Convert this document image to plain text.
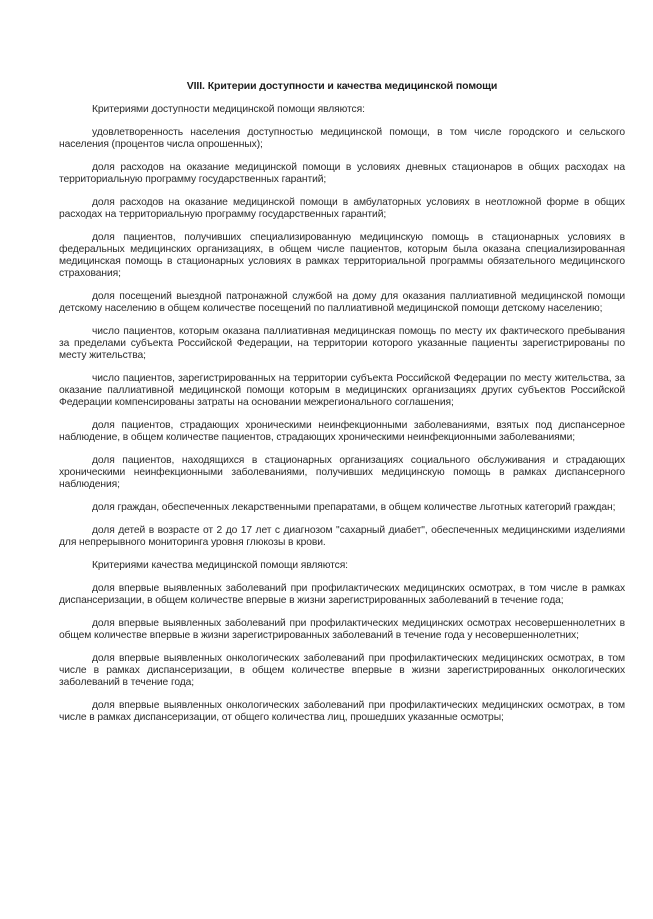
VIII. Критерии доступности и качества медицинской помощи

Критериями доступности медицинской помощи являются:

удовлетворенность населения доступностью медицинской помощи, в том числе городского и сельского населения (процентов числа опрошенных);

доля расходов на оказание медицинской помощи в условиях дневных стационаров в общих расходах на территориальную программу государственных гарантий;

доля расходов на оказание медицинской помощи в амбулаторных условиях в неотложной форме в общих расходах на территориальную программу государственных гарантий;

доля пациентов, получивших специализированную медицинскую помощь в стационарных условиях в федеральных медицинских организациях, в общем числе пациентов, которым была оказана специализированная медицинская помощь в стационарных условиях в рамках территориальной программы обязательного медицинского страхования;

доля посещений выездной патронажной службой на дому для оказания паллиативной медицинской помощи детскому населению в общем количестве посещений по паллиативной медицинской помощи детскому населению;

число пациентов, которым оказана паллиативная медицинская помощь по месту их фактического пребывания за пределами субъекта Российской Федерации, на территории которого указанные пациенты зарегистрированы по месту жительства;

число пациентов, зарегистрированных на территории субъекта Российской Федерации по месту жительства, за оказание паллиативной медицинской помощи которым в медицинских организациях других субъектов Российской Федерации компенсированы затраты на основании межрегионального соглашения;

доля пациентов, страдающих хроническими неинфекционными заболеваниями, взятых под диспансерное наблюдение, в общем количестве пациентов, страдающих хроническими неинфекционными заболеваниями;

доля пациентов, находящихся в стационарных организациях социального обслуживания и страдающих хроническими неинфекционными заболеваниями, получивших медицинскую помощь в рамках диспансерного наблюдения;

доля граждан, обеспеченных лекарственными препаратами, в общем количестве льготных категорий граждан;

доля детей в возрасте от 2 до 17 лет с диагнозом "сахарный диабет", обеспеченных медицинскими изделиями для непрерывного мониторинга уровня глюкозы в крови.

Критериями качества медицинской помощи являются:

доля впервые выявленных заболеваний при профилактических медицинских осмотрах, в том числе в рамках диспансеризации, в общем количестве впервые в жизни зарегистрированных заболеваний в течение года;

доля впервые выявленных заболеваний при профилактических медицинских осмотрах несовершеннолетних в общем количестве впервые в жизни зарегистрированных заболеваний в течение года у несовершеннолетних;

доля впервые выявленных онкологических заболеваний при профилактических медицинских осмотрах, в том числе в рамках диспансеризации, в общем количестве впервые в жизни зарегистрированных онкологических заболеваний в течение года;

доля впервые выявленных онкологических заболеваний при профилактических медицинских осмотрах, в том числе в рамках диспансеризации, от общего количества лиц, прошедших указанные осмотры;
